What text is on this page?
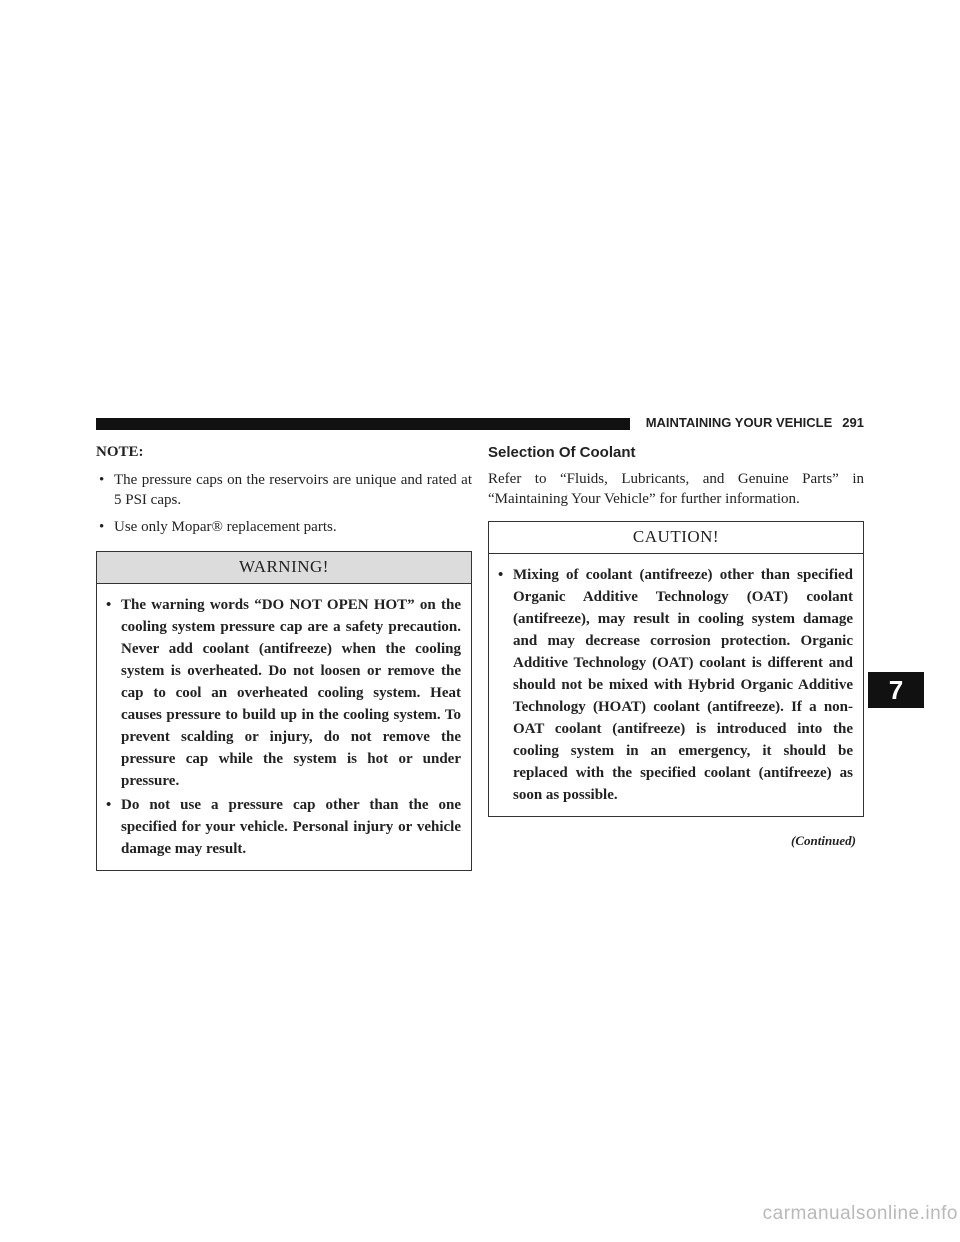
MAINTAINING YOUR VEHICLE 291
NOTE:
• The pressure caps on the reservoirs are unique and rated at 5 PSI caps.
• Use only Mopar® replacement parts.
WARNING!
• The warning words “DO NOT OPEN HOT” on the cooling system pressure cap are a safety precaution. Never add coolant (antifreeze) when the cooling system is overheated. Do not loosen or remove the cap to cool an overheated cooling system. Heat causes pressure to build up in the cooling system. To prevent scalding or injury, do not remove the pressure cap while the system is hot or under pressure.
• Do not use a pressure cap other than the one specified for your vehicle. Personal injury or vehicle damage may result.
Selection Of Coolant

Refer to “Fluids, Lubricants, and Genuine Parts” in “Maintaining Your Vehicle” for further information.

CAUTION!
• Mixing of coolant (antifreeze) other than specified Organic Additive Technology (OAT) coolant (antifreeze), may result in cooling system damage and may decrease corrosion protection. Organic Additive Technology (OAT) coolant is different and should not be mixed with Hybrid Organic Additive Technology (HOAT) coolant (antifreeze). If a non-OAT coolant (antifreeze) is introduced into the cooling system in an emergency, it should be replaced with the specified coolant (antifreeze) as soon as possible.
(Continued)
7
carmanualsonline.info
